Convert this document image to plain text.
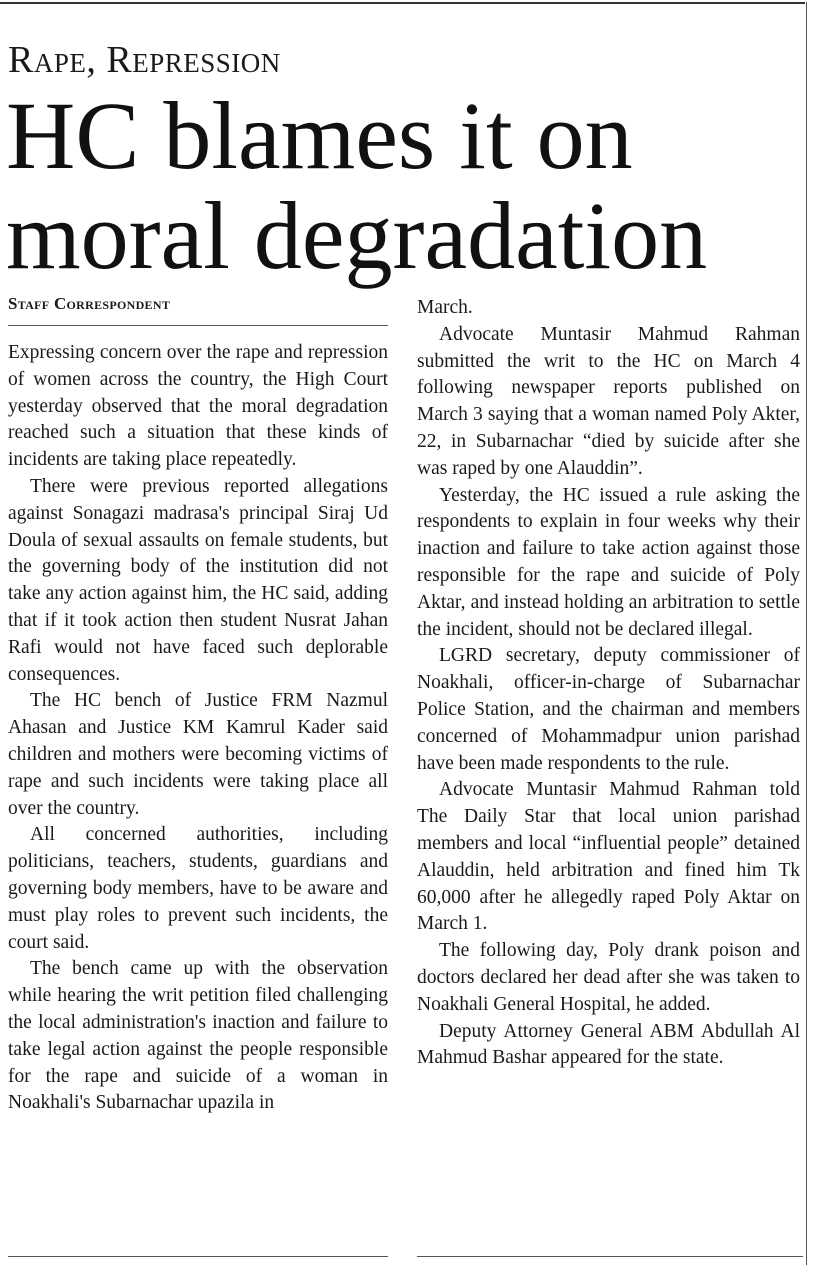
Rape, Repression
HC blames it on
moral degradation
Staff Correspondent

Expressing concern over the rape and repression of women across the country, the High Court yesterday observed that the moral degradation reached such a situation that these kinds of incidents are taking place repeatedly.

There were previous reported allegations against Sonagazi madrasa's principal Siraj Ud Doula of sexual assaults on female students, but the governing body of the institution did not take any action against him, the HC said, adding that if it took action then student Nusrat Jahan Rafi would not have faced such deplorable consequences.

The HC bench of Justice FRM Nazmul Ahasan and Justice KM Kamrul Kader said children and mothers were becoming victims of rape and such incidents were taking place all over the country.

All concerned authorities, including politicians, teachers, students, guardians and governing body members, have to be aware and must play roles to prevent such incidents, the court said.

The bench came up with the observation while hearing the writ petition filed challenging the local administration's inaction and failure to take legal action against the people responsible for the rape and suicide of a woman in Noakhali's Subarnachar upazila in

March.

Advocate Muntasir Mahmud Rahman submitted the writ to the HC on March 4 following newspaper reports published on March 3 saying that a woman named Poly Akter, 22, in Subarnachar “died by suicide after she was raped by one Alauddin”.

Yesterday, the HC issued a rule asking the respondents to explain in four weeks why their inaction and failure to take action against those responsible for the rape and suicide of Poly Aktar, and instead holding an arbitration to settle the incident, should not be declared illegal.

LGRD secretary, deputy commissioner of Noakhali, officer-in-charge of Subarnachar Police Station, and the chairman and members concerned of Mohammadpur union parishad have been made respondents to the rule.

Advocate Muntasir Mahmud Rahman told The Daily Star that local union parishad members and local “influential people” detained Alauddin, held arbitration and fined him Tk 60,000 after he allegedly raped Poly Aktar on March 1.

The following day, Poly drank poison and doctors declared her dead after she was taken to Noakhali General Hospital, he added.

Deputy Attorney General ABM Abdullah Al Mahmud Bashar appeared for the state.
